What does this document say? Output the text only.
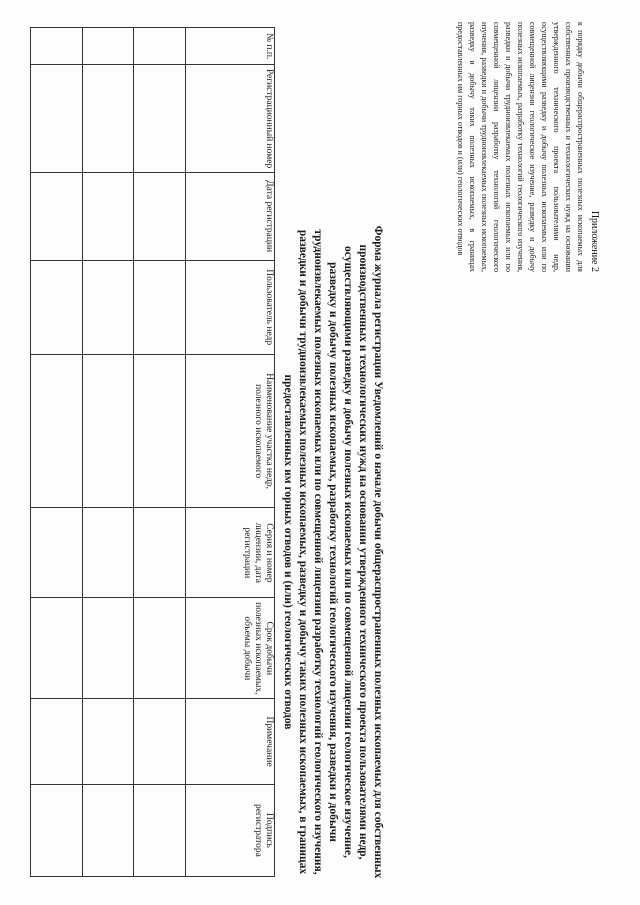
Приложение 2
к порядку добычи общераспространенных полезных ископаемых для собственных производственных и технологических нужд на основании утвержденного технического проекта пользователями недр, осуществляющими разведку и добычу полезных ископаемых или по совмещенной лицензии геологическое изучение, разведку и добычу полезных ископаемых, разработку технологий геологического изучения, разведки и добычи трудноизвлекаемых полезных ископаемых или по совмещенной лицензии разработку технологий геологического изучения, разведки и добычи трудноизвлекаемых полезных ископаемых, разведку и добычу таких полезных ископаемых, в границах предоставленных им горных отводов и (или) геологических отводов
Форма журнала регистрации Уведомлений о начале добычи общераспространенных полезных ископаемых для собственных производственных и технологических нужд на основании утвержденного технического проекта пользователями недр, осуществляющими разведку и добычу полезных ископаемых или по совмещенной лицензии геологическое изучение, разведку и добычу полезных ископаемых, разработку технологий геологического изучения, разведки и добычи трудноизвлекаемых полезных ископаемых или по совмещенной лицензии разработку технологий геологического изучения, разведки и добычи трудноизвлекаемых полезных ископаемых, разведку и добычу таких полезных ископаемых, в границах предоставленных им горных отводов и (или) геологических отводов
№ п.п.	Регистрационный номер	Дата регистрации	Пользователь недр	Наименование участка недр, полезного ископаемого	Серия и номер лицензии, дата регистрации	Срок добычи полезных ископаемых, объемы добычи	Примечание	Подпись регистратора
